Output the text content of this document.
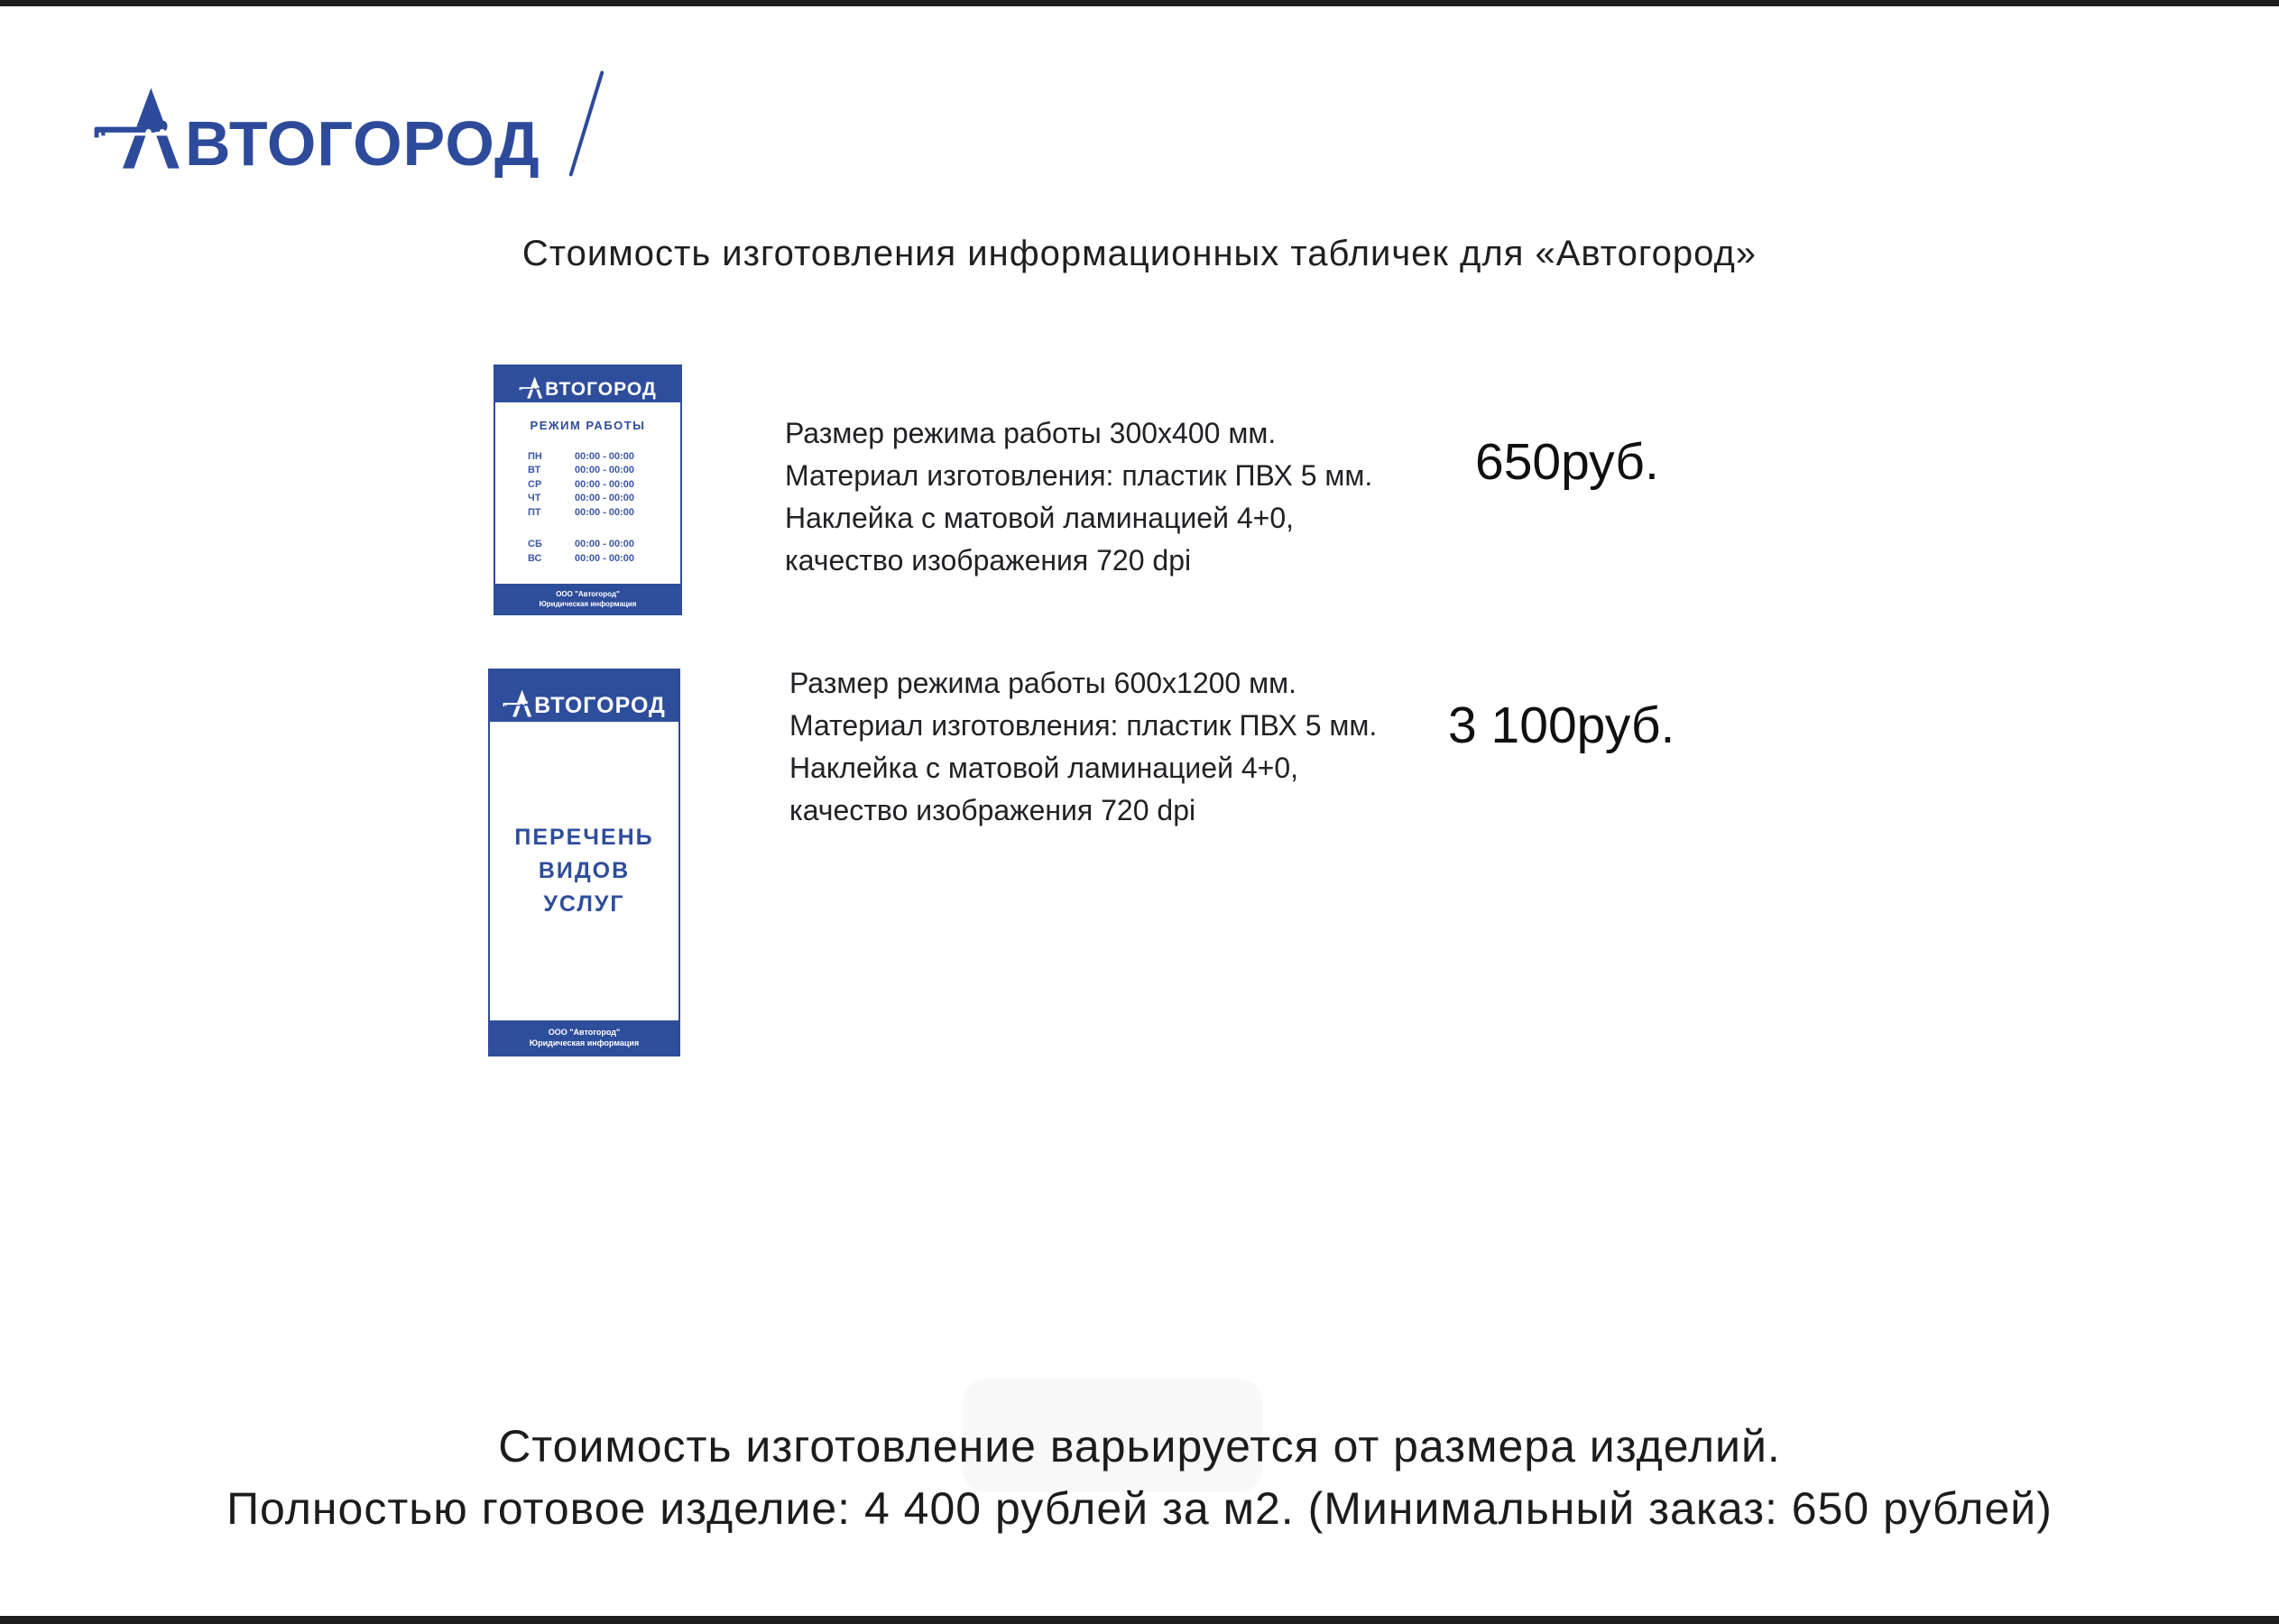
ВТОГОРОД
Стоимость изготовления информационных табличек для «Автогород»
ВТОГОРОД
РЕЖИМ РАБОТЫ
ПН	00:00 - 00:00
ВТ	00:00 - 00:00
СР	00:00 - 00:00
ЧТ	00:00 - 00:00
ПТ	00:00 - 00:00
СБ	00:00 - 00:00
ВС	00:00 - 00:00
ООО "Автогород"
Юридическая информация
Размер режима работы 300х400 мм.
Материал изготовления: пластик ПВХ 5 мм.
Наклейка с матовой ламинацией 4+0,
качество изображения 720 dpi
650руб.
ВТОГОРОД
ПЕРЕЧЕНЬ
ВИДОВ
УСЛУГ
ООО "Автогород"
Юридическая информация
Размер режима работы 600х1200 мм.
Материал изготовления: пластик ПВХ 5 мм.
Наклейка с матовой ламинацией 4+0,
качество изображения 720 dpi
3 100руб.
Стоимость изготовление варьируется от размера изделий.
Полностью готовое изделие: 4 400 рублей за м2. (Минимальный заказ: 650 рублей)
